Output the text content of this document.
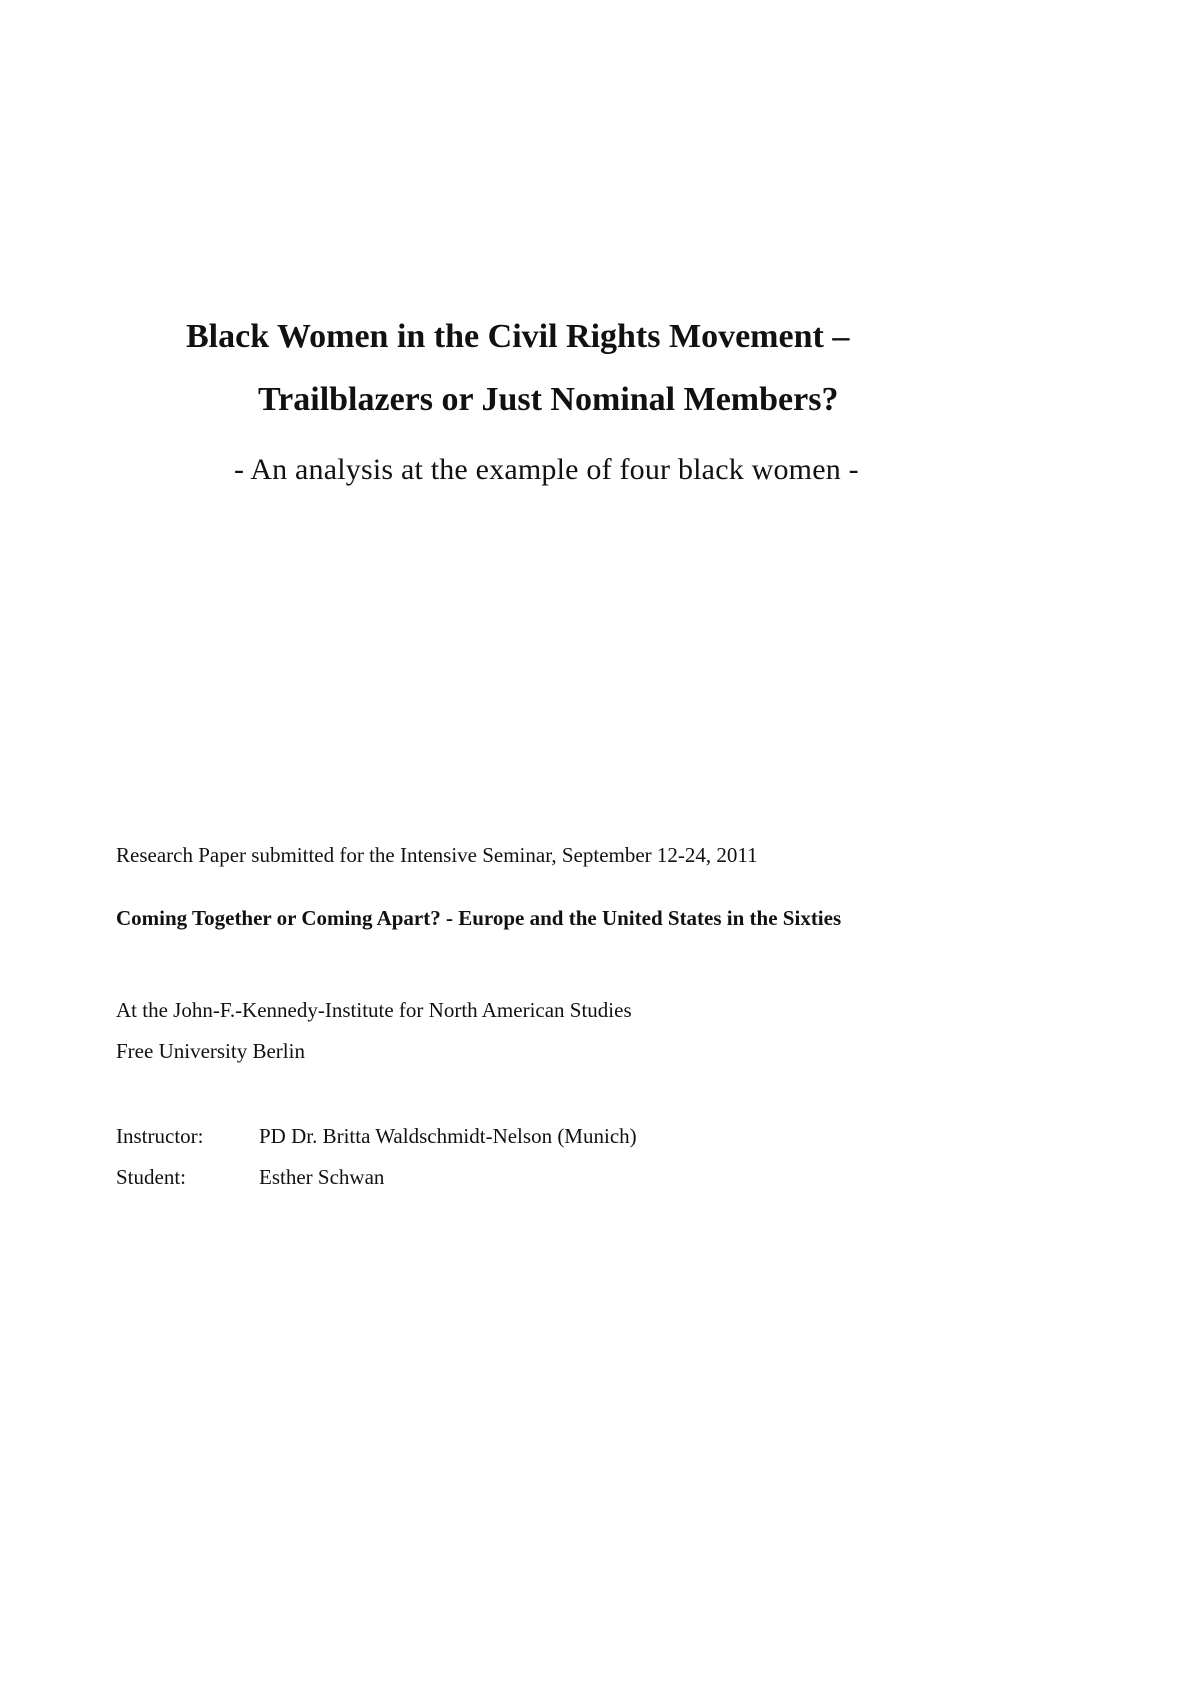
Black Women in the Civil Rights Movement –
Trailblazers or Just Nominal Members?
- An analysis at the example of four black women -
Research Paper submitted for the Intensive Seminar, September 12-24, 2011
Coming Together or Coming Apart? - Europe and the United States in the Sixties
At the John-F.-Kennedy-Institute for North American Studies
Free University Berlin
Instructor:	PD Dr. Britta Waldschmidt-Nelson (Munich)
Student:	Esther Schwan
